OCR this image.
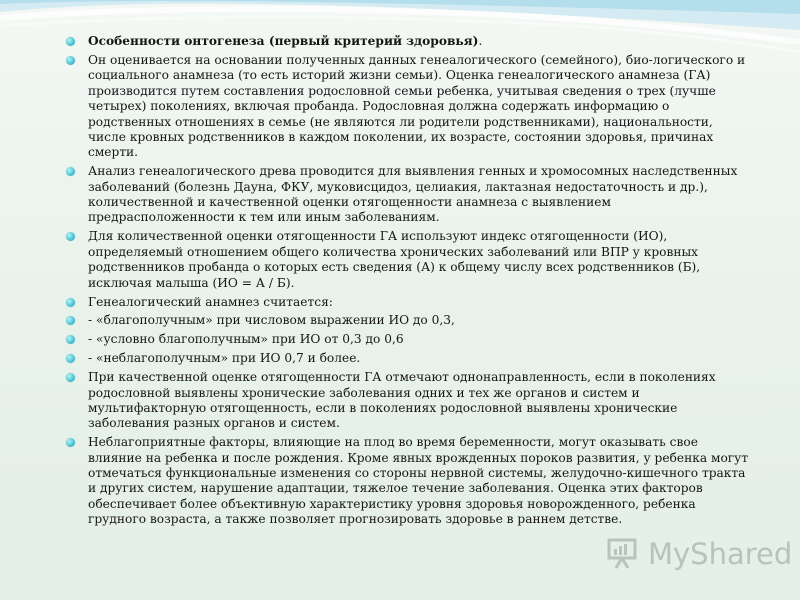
Особенности онтогенеза (первый критерий здоровья).
Он оценивается на основании полученных данных генеалогического (семейного), био-логического и социального анамнеза (то есть историй жизни семьи). Оценка генеалогического анамнеза (ГА) производится путем составления родословной семьи ребенка, учитывая сведения о трех (лучше четырех) поколениях, включая пробанда. Родословная должна содержать информацию о родственных отношениях в семье (не являются ли родители родственниками), национальности, числе кровных родственников в каждом поколении, их возрасте, состоянии здоровья, причинах смерти.
Анализ генеалогического древа проводится для выявления генных и хромосомных наследственных заболеваний (болезнь Дауна, ФКУ, муковисцидоз, целиакия, лактазная недостаточность и др.), количественной и качественной оценки отягощенности анамнеза с выявлением предрасположенности к тем или иным заболеваниям.
Для количественной оценки отягощенности ГА используют индекс отягощенности (ИО), определяемый отношением общего количества хронических заболеваний или ВПР у кровных родственников пробанда о которых есть сведения (А) к общему числу всех родственников (Б), исключая малыша (ИО = А / Б).
Генеалогический анамнез считается:
- «благополучным» при числовом выражении ИО до 0,3,
- «условно благополучным» при ИО от 0,3 до 0,6
- «неблагополучным» при ИО 0,7 и более.
При качественной оценке отягощенности ГА отмечают однонаправленность, если в поколениях родословной выявлены хронические заболевания одних и тех же органов и систем и мультифакторную отягощенность, если в поколениях родословной выявлены хронические заболевания разных органов и систем.
Неблагоприятные факторы, влияющие на плод во время беременности, могут оказывать свое влияние на ребенка и после рождения. Кроме явных врожденных пороков развития, у ребенка могут отмечаться функциональные изменения со стороны нервной системы, желудочно-кишечного тракта и других систем, нарушение адаптации, тяжелое течение заболевания. Оценка этих факторов обеспечивает более объективную характеристику уровня здоровья новорожденного, ребенка грудного возраста, а также позволяет прогнозировать здоровье в раннем детстве.
MyShared
